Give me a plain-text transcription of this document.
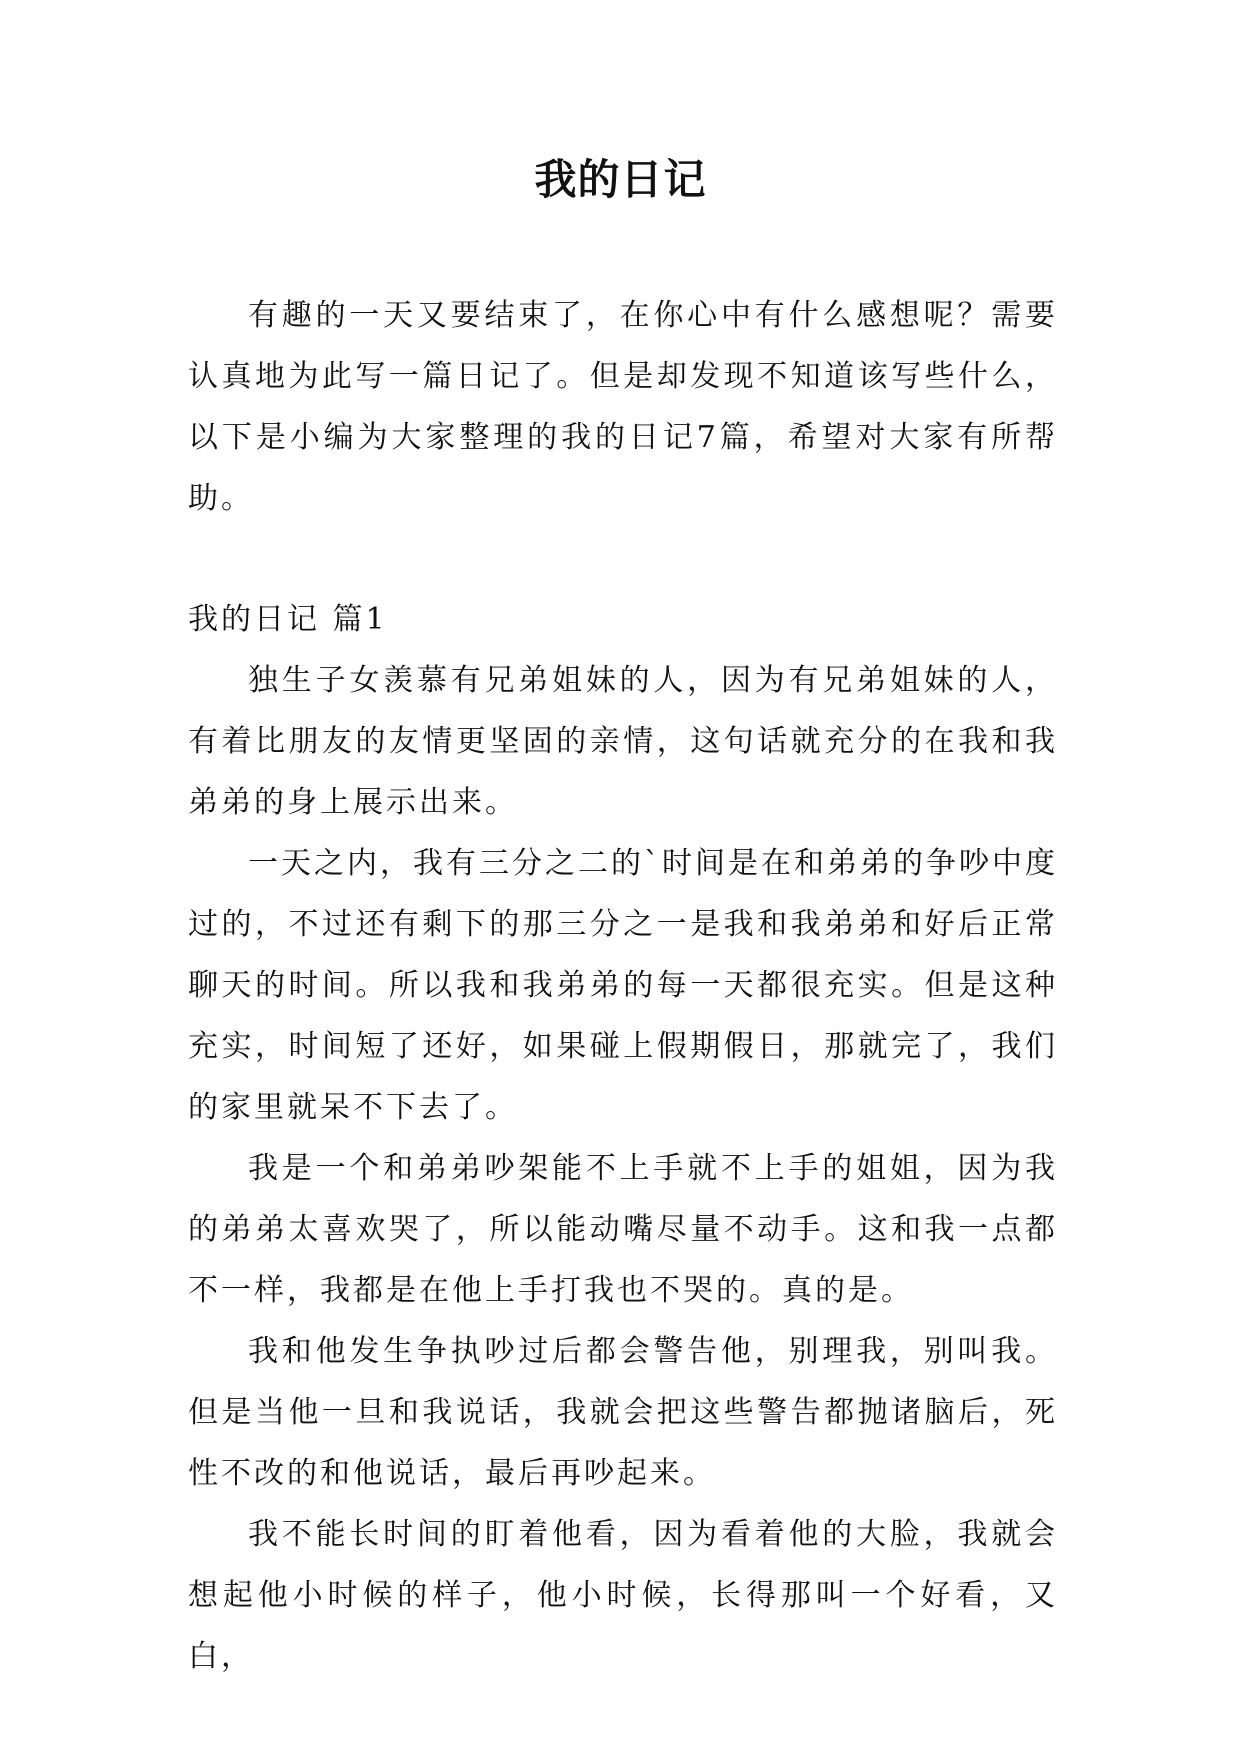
我的日记

有趣的一天又要结束了，在你心中有什么感想呢？需要认真地为此写一篇日记了。但是却发现不知道该写些什么，以下是小编为大家整理的我的日记7篇，希望对大家有所帮助。

我的日记 篇1

独生子女羡慕有兄弟姐妹的人，因为有兄弟姐妹的人，有着比朋友的友情更坚固的亲情，这句话就充分的在我和我弟弟的身上展示出来。

一天之内，我有三分之二的`时间是在和弟弟的争吵中度过的，不过还有剩下的那三分之一是我和我弟弟和好后正常聊天的时间。所以我和我弟弟的每一天都很充实。但是这种充实，时间短了还好，如果碰上假期假日，那就完了，我们的家里就呆不下去了。

我是一个和弟弟吵架能不上手就不上手的姐姐，因为我的弟弟太喜欢哭了，所以能动嘴尽量不动手。这和我一点都不一样，我都是在他上手打我也不哭的。真的是。

我和他发生争执吵过后都会警告他，别理我，别叫我。但是当他一旦和我说话，我就会把这些警告都抛诸脑后，死性不改的和他说话，最后再吵起来。

我不能长时间的盯着他看，因为看着他的大脸，我就会想起他小时候的样子，他小时候，长得那叫一个好看，又白，
